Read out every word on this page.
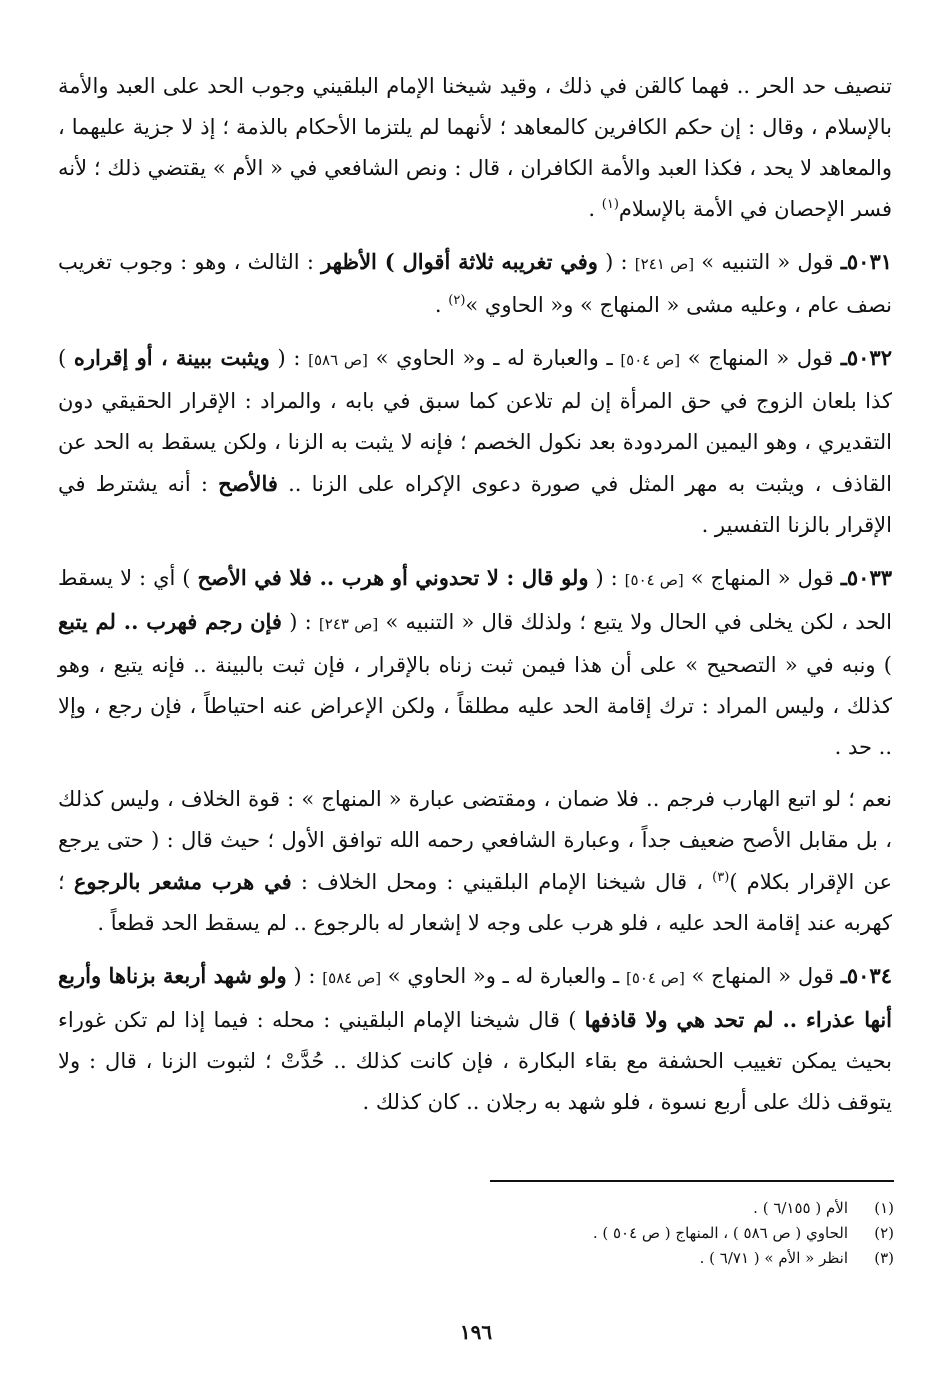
تنصيف حد الحر .. فهما كالقن في ذلك ، وقيد شيخنا الإمام البلقيني وجوب الحد على العبد والأمة بالإسلام ، وقال : إن حكم الكافرين كالمعاهد ؛ لأنهما لم يلتزما الأحكام بالذمة ؛ إذ لا جزية عليهما ، والمعاهد لا يحد ، فكذا العبد والأمة الكافران ، قال : ونص الشافعي في « الأم » يقتضي ذلك ؛ لأنه فسر الإحصان في الأمة بالإسلام$^{(١)}$ .

٥٠٣١ـ قول « التنبيه » [ص ٢٤١] : ( وفي تغريبه ثلاثة أقوال ) الأظهر : الثالث ، وهو : وجوب تغريب نصف عام ، وعليه مشى « المنهاج » و« الحاوي »$^{(٢)}$ .

٥٠٣٢ـ قول « المنهاج » [ص ٥٠٤] ـ والعبارة له ـ و« الحاوي » [ص ٥٨٦] : ( ويثبت ببينة ، أو إقراره ) كذا بلعان الزوج في حق المرأة إن لم تلاعن كما سبق في بابه ، والمراد : الإقرار الحقيقي دون التقديري ، وهو اليمين المردودة بعد نكول الخصم ؛ فإنه لا يثبت به الزنا ، ولكن يسقط به الحد عن القاذف ، ويثبت به مهر المثل في صورة دعوى الإكراه على الزنا .. فالأصح : أنه يشترط في الإقرار بالزنا التفسير .

٥٠٣٣ـ قول « المنهاج » [ص ٥٠٤] : ( ولو قال : لا تحدوني أو هرب .. فلا في الأصح ) أي : لا يسقط الحد ، لكن يخلى في الحال ولا يتبع ؛ ولذلك قال « التنبيه » [ص ٢٤٣] : ( فإن رجم فهرب .. لم يتبع ) ونبه في « التصحيح » على أن هذا فيمن ثبت زناه بالإقرار ، فإن ثبت بالبينة .. فإنه يتبع ، وهو كذلك ، وليس المراد : ترك إقامة الحد عليه مطلقاً ، ولكن الإعراض عنه احتياطاً ، فإن رجع ، وإلا .. حد .

نعم ؛ لو اتبع الهارب فرجم .. فلا ضمان ، ومقتضى عبارة « المنهاج » : قوة الخلاف ، وليس كذلك ، بل مقابل الأصح ضعيف جداً ، وعبارة الشافعي رحمه الله توافق الأول ؛ حيث قال : ( حتى يرجع عن الإقرار بكلام )$^{(٣)}$ ، قال شيخنا الإمام البلقيني : ومحل الخلاف : في هرب مشعر بالرجوع ؛ كهربه عند إقامة الحد عليه ، فلو هرب على وجه لا إشعار له بالرجوع .. لم يسقط الحد قطعاً .

٥٠٣٤ـ قول « المنهاج » [ص ٥٠٤] ـ والعبارة له ـ و« الحاوي » [ص ٥٨٤] : ( ولو شهد أربعة بزناها وأربع أنها عذراء .. لم تحد هي ولا قاذفها ) قال شيخنا الإمام البلقيني : محله : فيما إذا لم تكن غوراء بحيث يمكن تغييب الحشفة مع بقاء البكارة ، فإن كانت كذلك .. حُدَّتْ ؛ لثبوت الزنا ، قال : ولا يتوقف ذلك على أربع نسوة ، فلو شهد به رجلان .. كان كذلك .

(١)
الأم ( ٦/١٥٥ ) .
(٢)
الحاوي ( ص ٥٨٦ ) ، المنهاج ( ص ٥٠٤ ) .
(٣)
انظر « الأم » ( ٦/٧١ ) .
١٩٦
